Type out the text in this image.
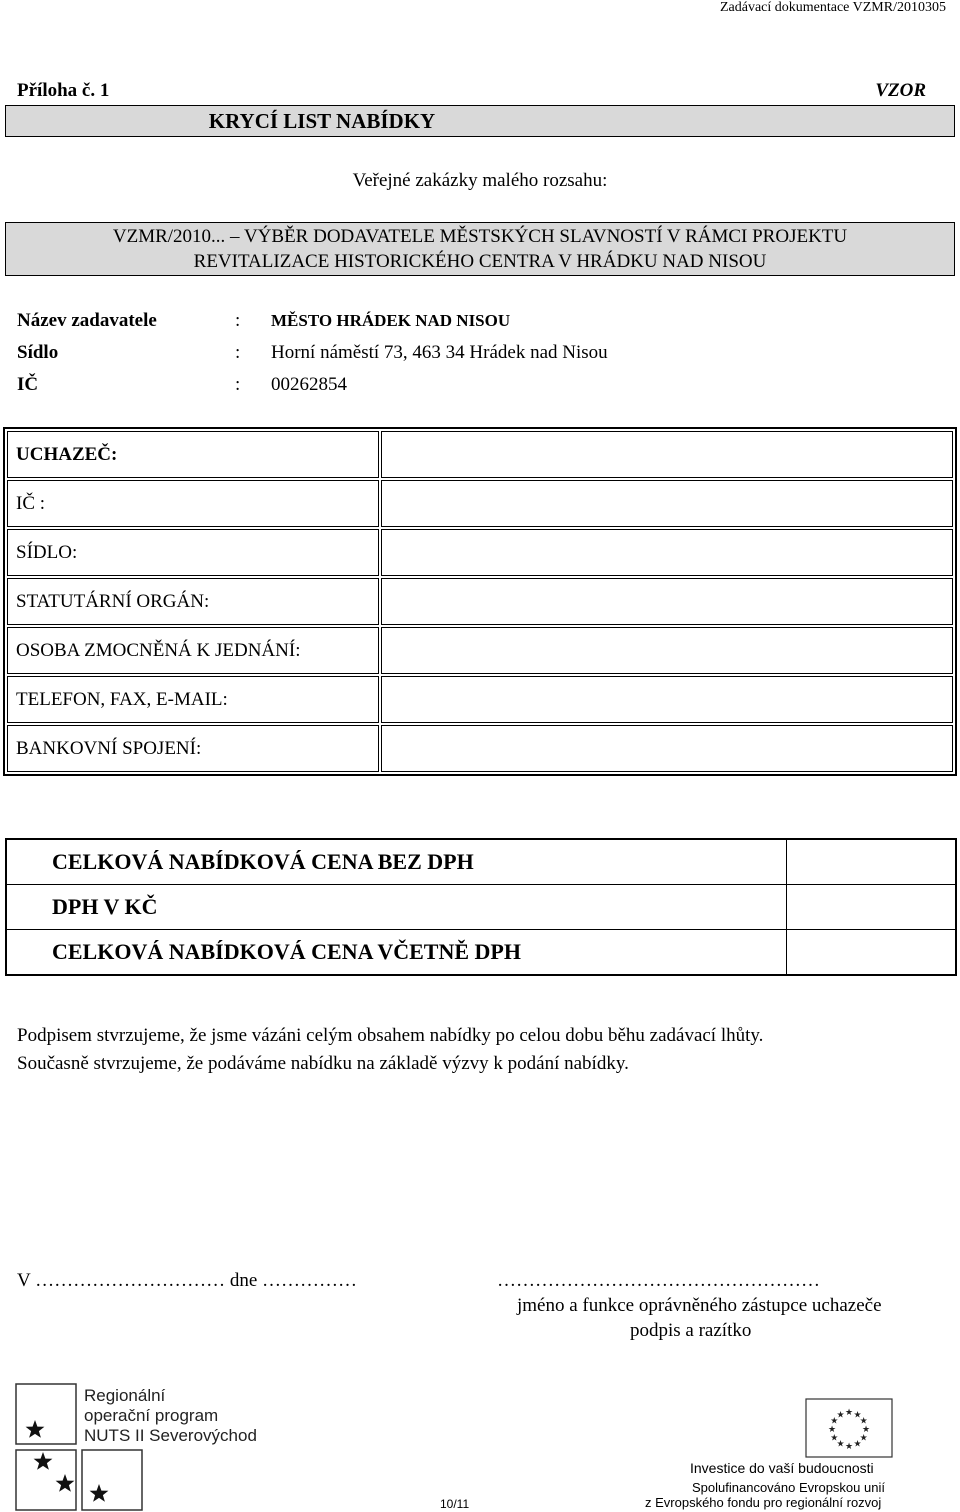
Zadávací dokumentace VZMR/2010305
Příloha č. 1	VZOR
KRYCÍ LIST NABÍDKY
Veřejné zakázky malého rozsahu:
VZMR/2010... – VÝBĚR DODAVATELE MĚSTSKÝCH SLAVNOSTÍ V RÁMCI PROJEKTU
REVITALIZACE HISTORICKÉHO CENTRA V HRÁDKU NAD NISOU
Název zadavatele	: MĚSTO HRÁDEK NAD NISOU
Sídlo	: Horní náměstí 73, 463 34 Hrádek nad Nisou
IČ	: 00262854
UCHAZEČ:	
IČ :	
SÍDLO:	
STATUTÁRNÍ ORGÁN:	
OSOBA ZMOCNĚNÁ K JEDNÁNÍ:	
TELEFON, FAX, E-MAIL:	
BANKOVNÍ SPOJENÍ:	
CELKOVÁ NABÍDKOVÁ CENA BEZ DPH	
DPH V KČ	
CELKOVÁ NABÍDKOVÁ CENA VČETNĚ DPH	
Podpisem stvrzujeme, že jsme vázáni celým obsahem nabídky po celou dobu běhu zadávací lhůty.
Současně stvrzujeme, že podáváme nabídku na základě výzvy k podání nabídky.
V ………………………… dne ……………	……………………………………………
jméno a funkce oprávněného zástupce uchazeče
podpis a razítko
Regionální
operační program
NUTS II Severovýchod
10/11
★ ★
★
★
★
★
★
★
★
★
★
★
Investice do vaší budoucnosti
Spolufinancováno Evropskou unií
z Evropského fondu pro regionální rozvoj
